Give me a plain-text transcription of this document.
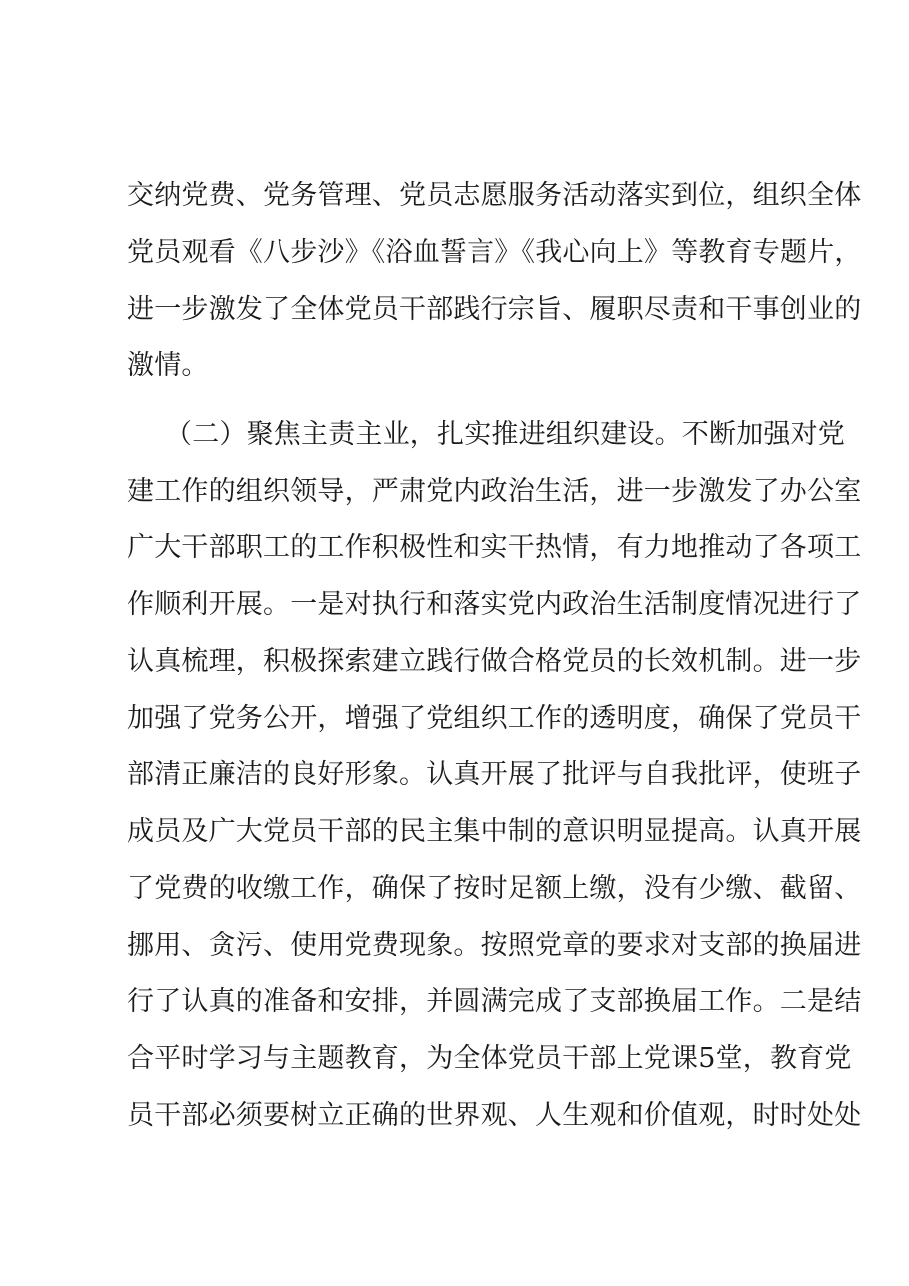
交纳党费、党务管理、党员志愿服务活动落实到位，组织全体
党员观看《八步沙》《浴血誓言》《我心向上》等教育专题片，
进一步激发了全体党员干部践行宗旨、履职尽责和干事创业的
激情。
（二）聚焦主责主业，扎实推进组织建设。不断加强对党
建工作的组织领导，严肃党内政治生活，进一步激发了办公室
广大干部职工的工作积极性和实干热情，有力地推动了各项工
作顺利开展。一是对执行和落实党内政治生活制度情况进行了
认真梳理，积极探索建立践行做合格党员的长效机制。进一步
加强了党务公开，增强了党组织工作的透明度，确保了党员干
部清正廉洁的良好形象。认真开展了批评与自我批评，使班子
成员及广大党员干部的民主集中制的意识明显提高。认真开展
了党费的收缴工作，确保了按时足额上缴，没有少缴、截留、
挪用、贪污、使用党费现象。按照党章的要求对支部的换届进
行了认真的准备和安排，并圆满完成了支部换届工作。二是结
合平时学习与主题教育，为全体党员干部上党课5堂，教育党
员干部必须要树立正确的世界观、人生观和价值观，时时处处
